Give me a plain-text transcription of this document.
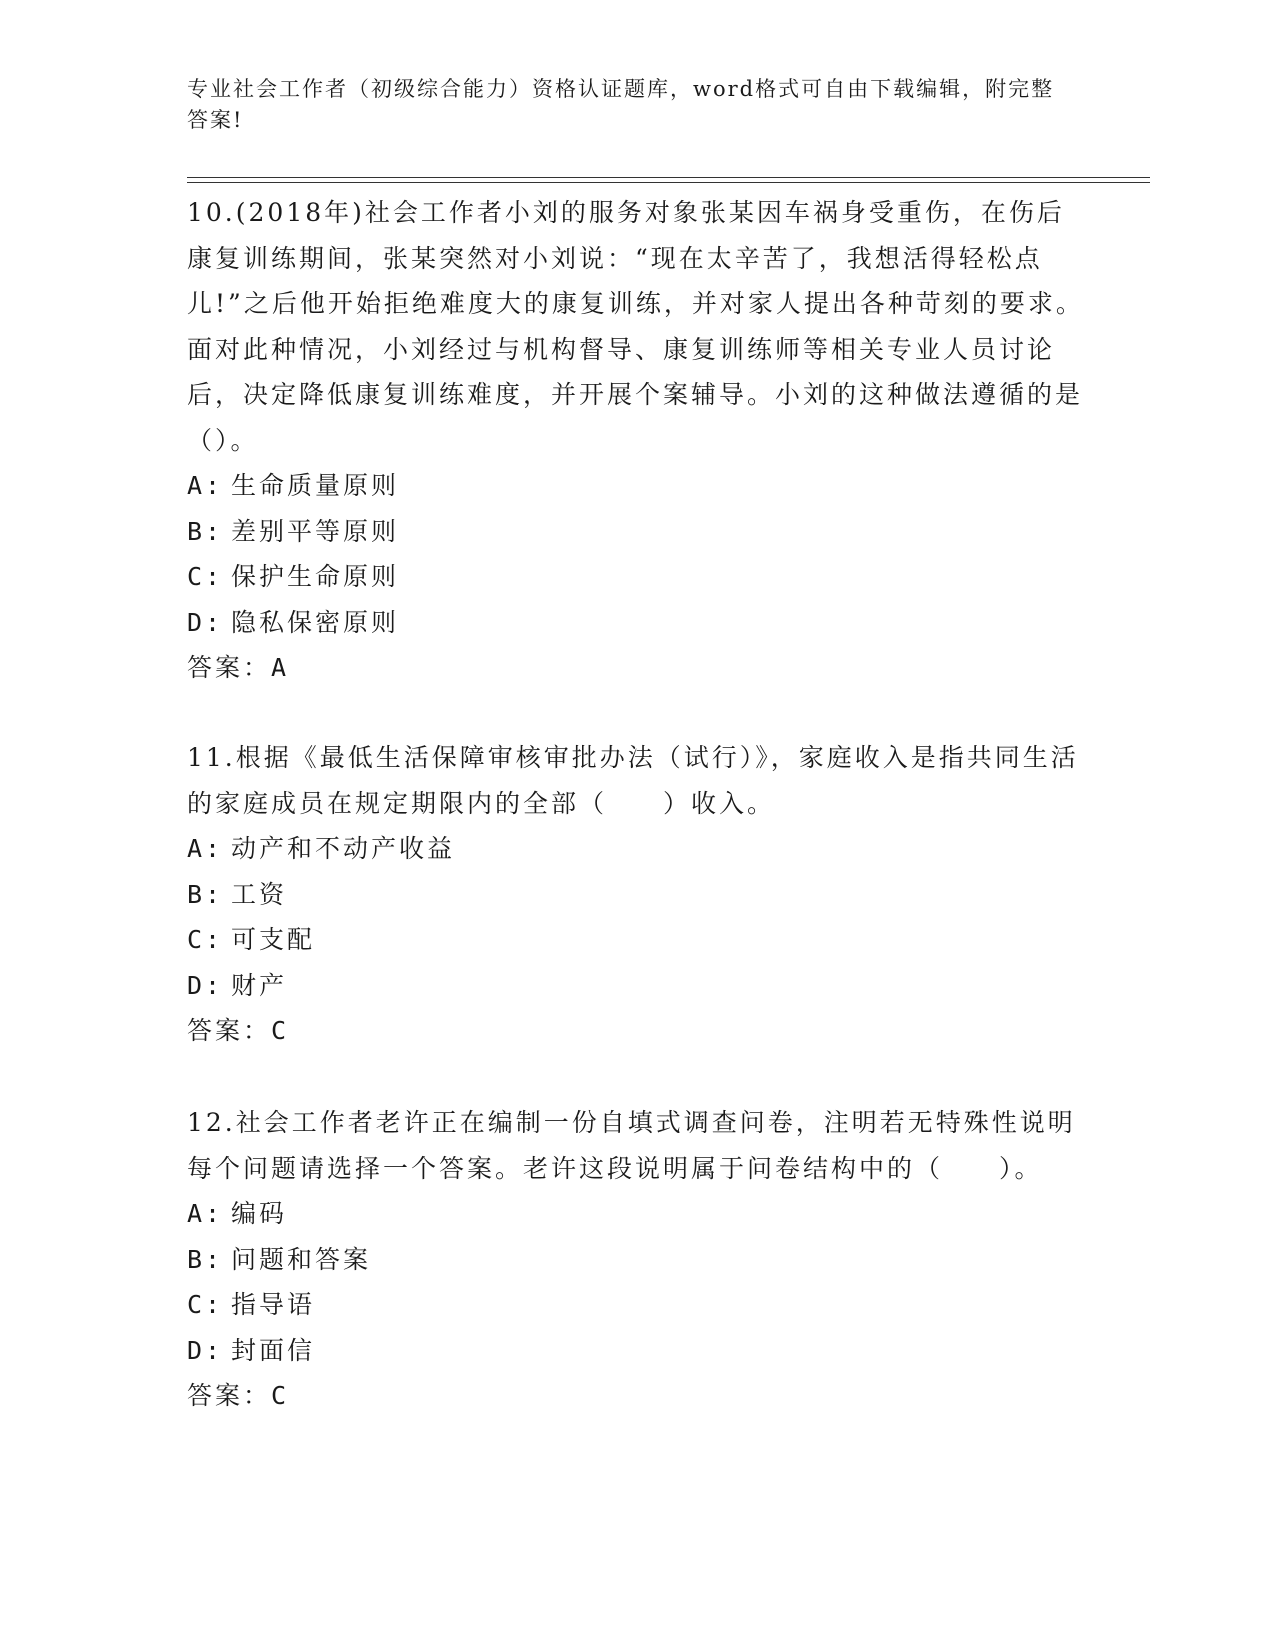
专业社会工作者（初级综合能力）资格认证题库，word格式可自由下载编辑，附完整答案!

10.(2018年)社会工作者小刘的服务对象张某因车祸身受重伤，在伤后康复训练期间，张某突然对小刘说：“现在太辛苦了，我想活得轻松点儿!”之后他开始拒绝难度大的康复训练，并对家人提出各种苛刻的要求。面对此种情况，小刘经过与机构督导、康复训练师等相关专业人员讨论后，决定降低康复训练难度，并开展个案辅导。小刘的这种做法遵循的是（）。

A: 生命质量原则
B: 差别平等原则
C: 保护生命原则
D: 隐私保密原则
答案：A

11.根据《最低生活保障审核审批办法（试行）》，家庭收入是指共同生活的家庭成员在规定期限内的全部（　　）收入。

A: 动产和不动产收益
B: 工资
C: 可支配
D: 财产
答案：C

12.社会工作者老许正在编制一份自填式调查问卷，注明若无特殊性说明每个问题请选择一个答案。老许这段说明属于问卷结构中的（　　）。

A: 编码
B: 问题和答案
C: 指导语
D: 封面信
答案：C
